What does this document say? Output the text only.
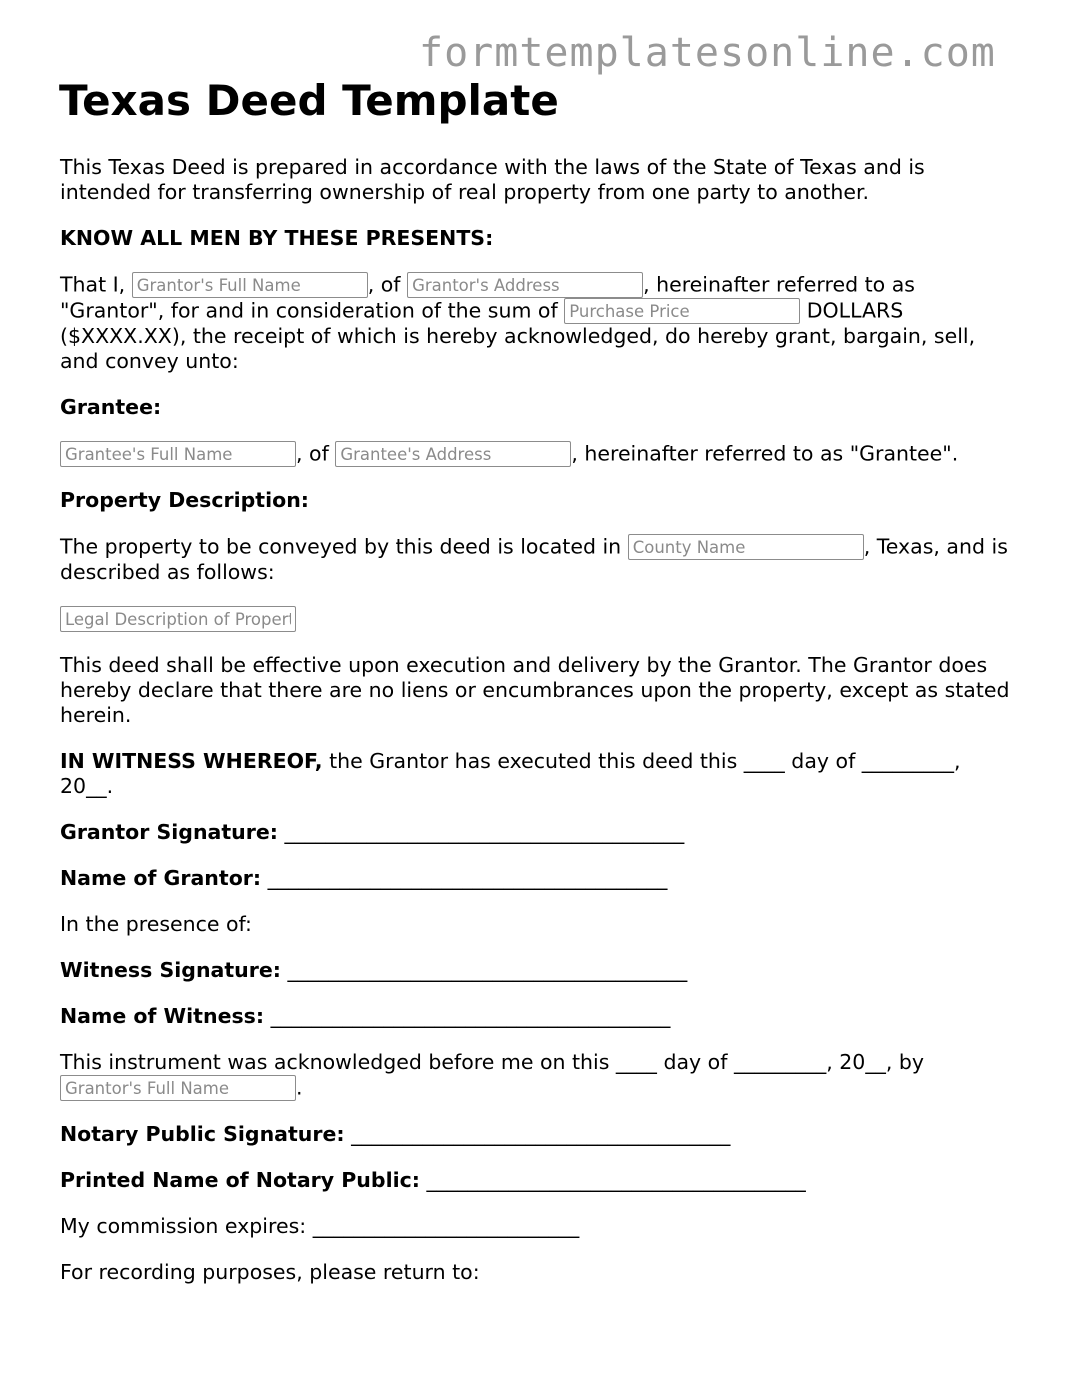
formtemplatesonline.com
Texas Deed Template

This Texas Deed is prepared in accordance with the laws of the State of Texas and is intended for transferring ownership of real property from one party to another.

KNOW ALL MEN BY THESE PRESENTS:

That I, Grantor's Full Name	, of Grantor's Address	, hereinafter referred to as "Grantor", for and in consideration of the sum of Purchase Price	DOLLARS ($XXXX.XX), the receipt of which is hereby acknowledged, do hereby grant, bargain, sell, and convey unto:

Grantee:

Grantee's Full Name, of Grantee's Address	, hereinafter referred to as "Grantee".

Property Description:

The property to be conveyed by this deed is located in County Name	, Texas, and is described as follows:

Legal Description of Property

This deed shall be effective upon execution and delivery by the Grantor. The Grantor does hereby declare that there are no liens or encumbrances upon the property, except as stated herein.

IN WITNESS WHEREOF, the Grantor has executed this deed this ____ day of _________, 20__.

Grantor Signature: _______________________________________

Name of Grantor: _______________________________________

In the presence of:

Witness Signature: _______________________________________

Name of Witness: _______________________________________

This instrument was acknowledged before me on this ____ day of _________, 20__, by
Grantor's Full Name.

Notary Public Signature: _____________________________________

Printed Name of Notary Public: _____________________________________

My commission expires: __________________________

For recording purposes, please return to:
